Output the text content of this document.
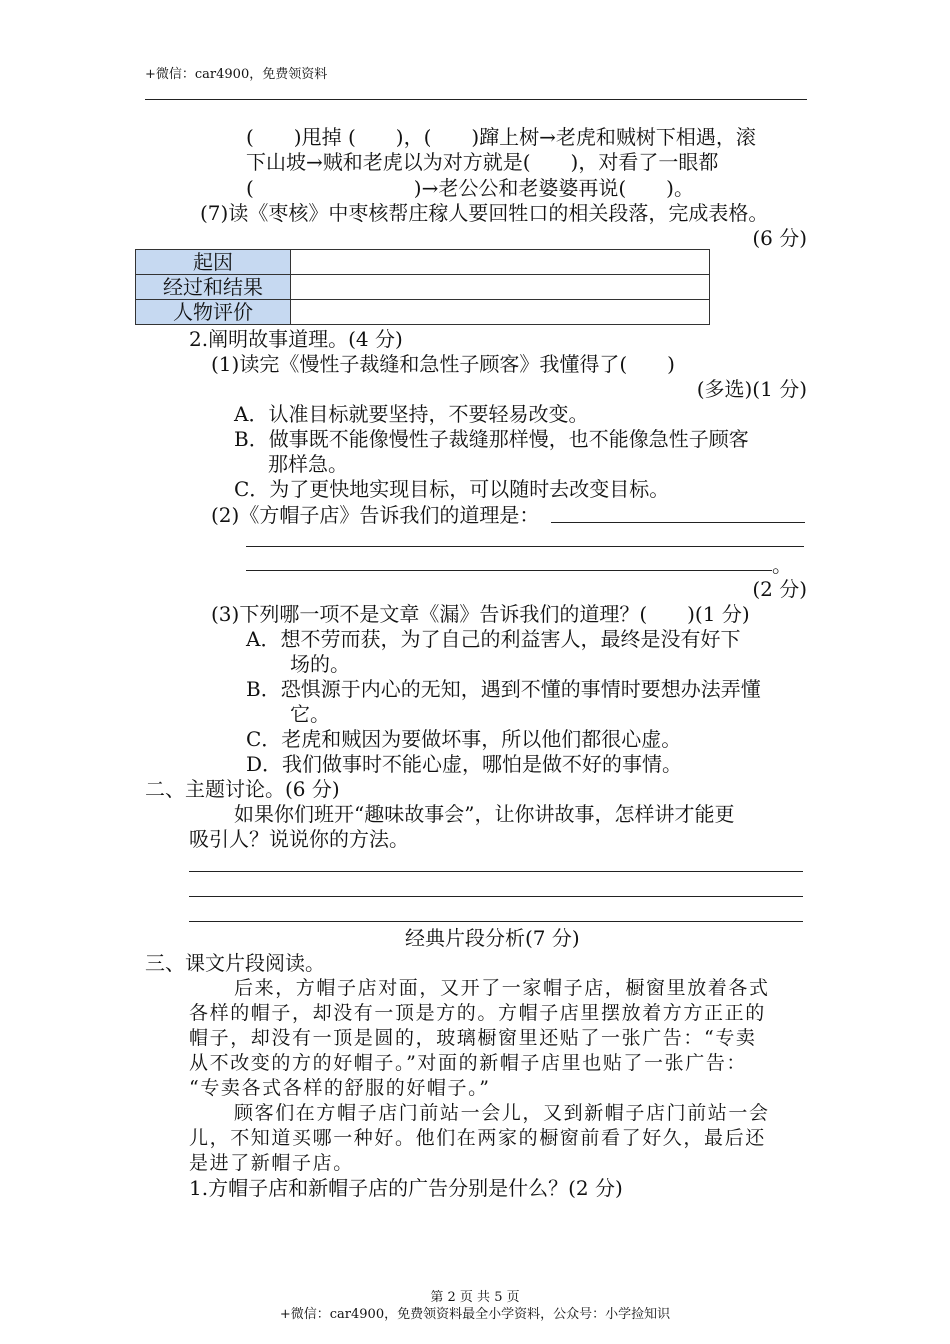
+微信：car4900，免费领资料
(　　)甩掉 (　　)，(　　)蹿上树→老虎和贼树下相遇，滚
下山坡→贼和老虎以为对方就是(　　)，对看了一眼都
(　　　　　　　　)→老公公和老婆婆再说(　　)。
(7)读《枣核》中枣核帮庄稼人要回牲口的相关段落，完成表格。
(6 分)
起因	
经过和结果	
人物评价	
2.阐明故事道理。(4 分)
(1)读完《慢性子裁缝和急性子顾客》我懂得了(　　)
(多选)(1 分)
A．认准目标就要坚持，不要轻易改变。
B．做事既不能像慢性子裁缝那样慢，也不能像急性子顾客
那样急。
C．为了更快地实现目标，可以随时去改变目标。
(2)《方帽子店》告诉我们的道理是：
。
(2 分)
(3)下列哪一项不是文章《漏》告诉我们的道理？(　　)(1 分)
A．想不劳而获，为了自己的利益害人，最终是没有好下
场的。
B．恐惧源于内心的无知，遇到不懂的事情时要想办法弄懂
它。
C．老虎和贼因为要做坏事，所以他们都很心虚。
D．我们做事时不能心虚，哪怕是做不好的事情。
二、主题讨论。(6 分)
如果你们班开“趣味故事会”，让你讲故事，怎样讲才能更
吸引人？说说你的方法。
经典片段分析(7 分)
三、课文片段阅读。
后来，方帽子店对面，又开了一家帽子店，橱窗里放着各式
各样的帽子，却没有一顶是方的。方帽子店里摆放着方方正正的
帽子，却没有一顶是圆的，玻璃橱窗里还贴了一张广告：“专卖
从不改变的方的好帽子。”对面的新帽子店里也贴了一张广告：
“专卖各式各样的舒服的好帽子。”
顾客们在方帽子店门前站一会儿，又到新帽子店门前站一会
儿，不知道买哪一种好。他们在两家的橱窗前看了好久，最后还
是进了新帽子店。
1.方帽子店和新帽子店的广告分别是什么？(2 分)
第 2 页 共 5 页
+微信：car4900，免费领资料最全小学资料，公众号：小学捡知识
